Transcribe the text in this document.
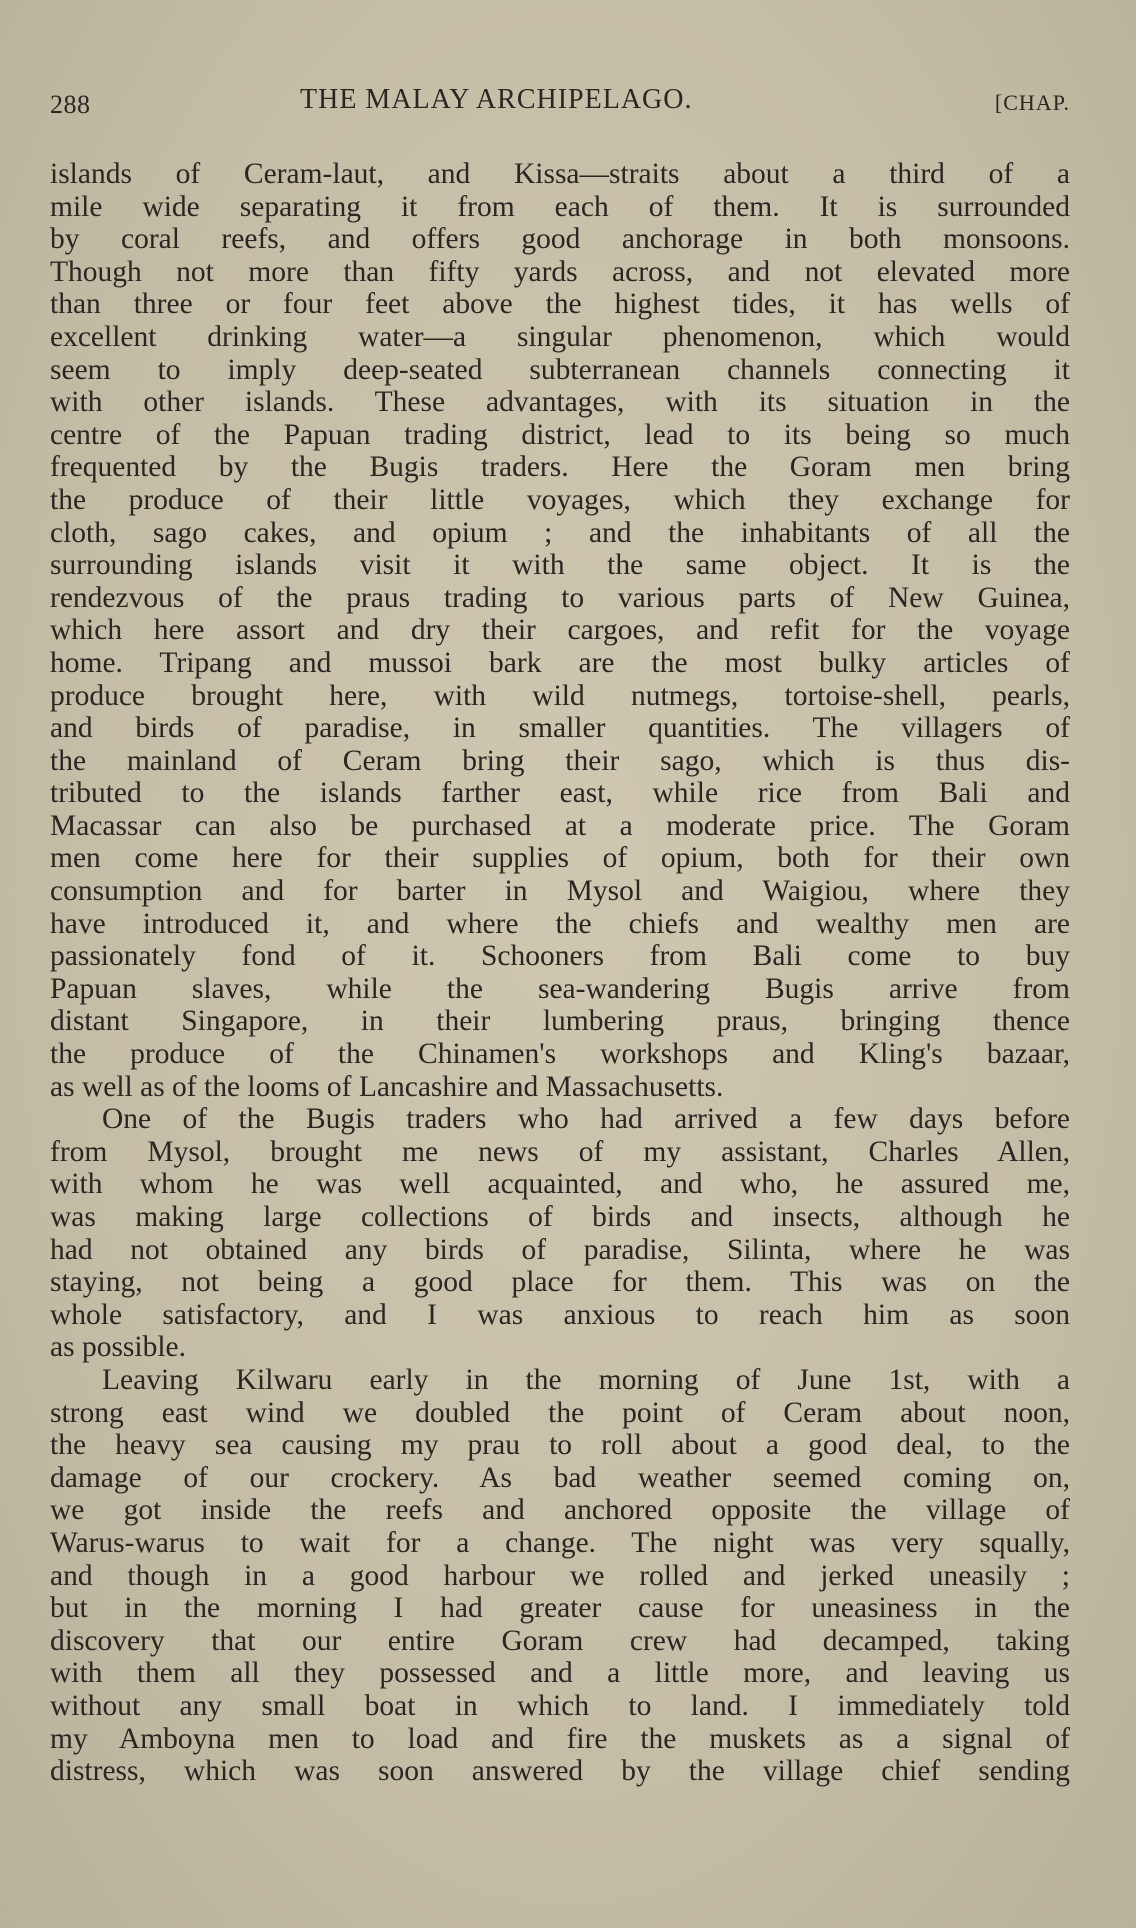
288	THE MALAY ARCHIPELAGO.	[CHAP.
islands of Ceram-laut, and Kissa—straits about a third of a
mile wide separating it from each of them. It is surrounded
by coral reefs, and offers good anchorage in both monsoons.
Though not more than fifty yards across, and not elevated more
than three or four feet above the highest tides, it has wells of
excellent drinking water—a singular phenomenon, which would
seem to imply deep-seated subterranean channels connecting it
with other islands. These advantages, with its situation in the
centre of the Papuan trading district, lead to its being so much
frequented by the Bugis traders. Here the Goram men bring
the produce of their little voyages, which they exchange for
cloth, sago cakes, and opium ; and the inhabitants of all the
surrounding islands visit it with the same object. It is the
rendezvous of the praus trading to various parts of New Guinea,
which here assort and dry their cargoes, and refit for the voyage
home. Tripang and mussoi bark are the most bulky articles of
produce brought here, with wild nutmegs, tortoise-shell, pearls,
and birds of paradise, in smaller quantities. The villagers of
the mainland of Ceram bring their sago, which is thus dis-
tributed to the islands farther east, while rice from Bali and
Macassar can also be purchased at a moderate price. The Goram
men come here for their supplies of opium, both for their own
consumption and for barter in Mysol and Waigiou, where they
have introduced it, and where the chiefs and wealthy men are
passionately fond of it. Schooners from Bali come to buy
Papuan slaves, while the sea-wandering Bugis arrive from
distant Singapore, in their lumbering praus, bringing thence
the produce of the Chinamen's workshops and Kling's bazaar,
as well as of the looms of Lancashire and Massachusetts.
One of the Bugis traders who had arrived a few days before
from Mysol, brought me news of my assistant, Charles Allen,
with whom he was well acquainted, and who, he assured me,
was making large collections of birds and insects, although he
had not obtained any birds of paradise, Silinta, where he was
staying, not being a good place for them. This was on the
whole satisfactory, and I was anxious to reach him as soon
as possible.
Leaving Kilwaru early in the morning of June 1st, with a
strong east wind we doubled the point of Ceram about noon,
the heavy sea causing my prau to roll about a good deal, to the
damage of our crockery. As bad weather seemed coming on,
we got inside the reefs and anchored opposite the village of
Warus-warus to wait for a change. The night was very squally,
and though in a good harbour we rolled and jerked uneasily ;
but in the morning I had greater cause for uneasiness in the
discovery that our entire Goram crew had decamped, taking
with them all they possessed and a little more, and leaving us
without any small boat in which to land. I immediately told
my Amboyna men to load and fire the muskets as a signal of
distress, which was soon answered by the village chief sending
